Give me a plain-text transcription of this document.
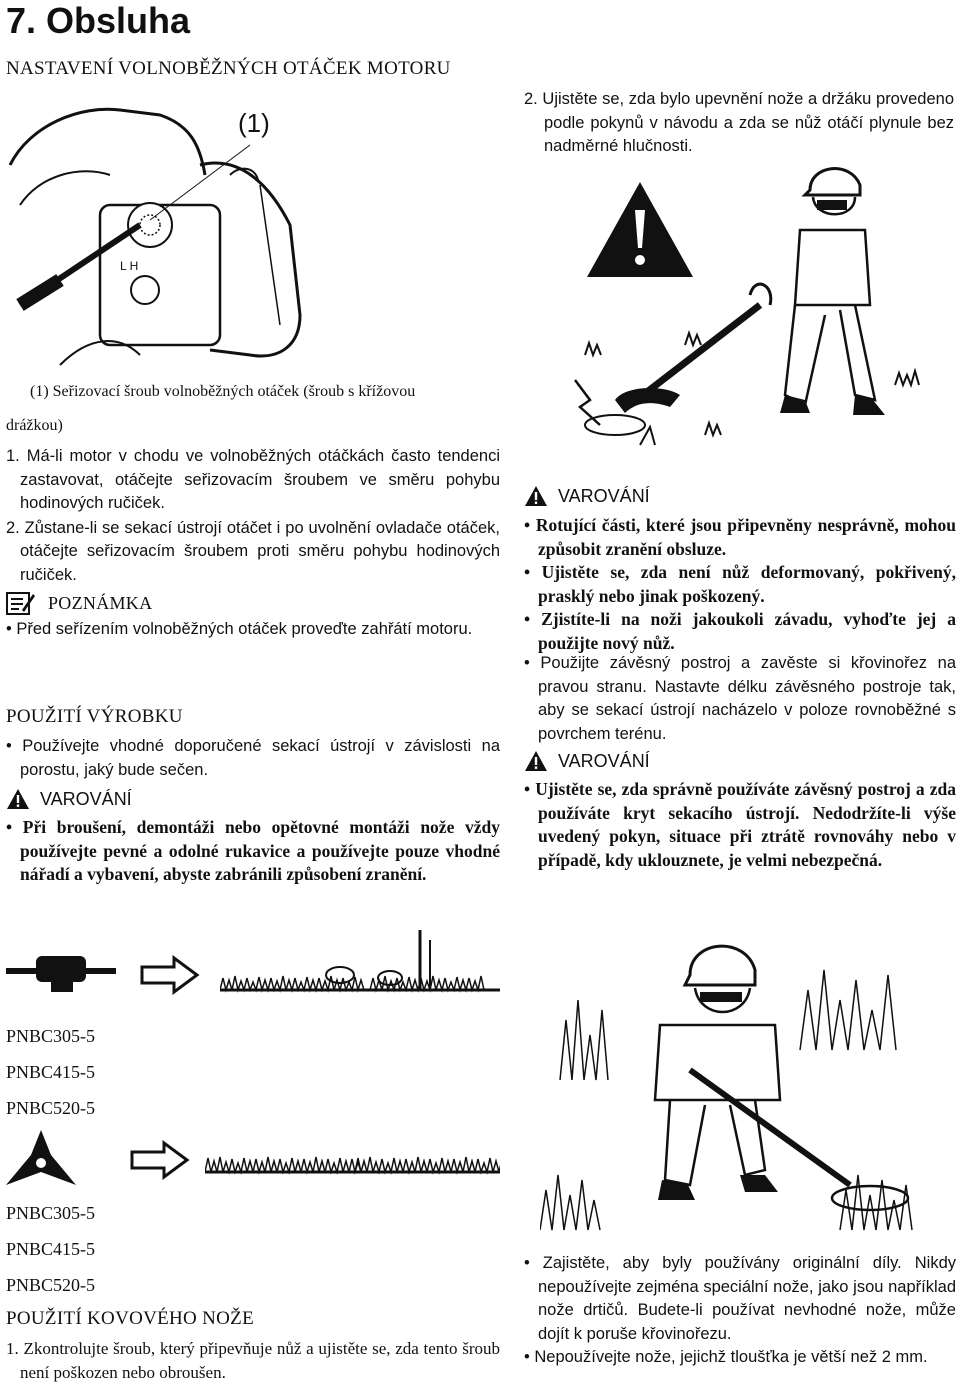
7. Obsluha
NASTAVENÍ VOLNOBĚŽNÝCH OTÁČEK MOTORU
L H
(1)
(1) Seřizovací šroub volnoběžných otáček (šroub s křížovou
drážkou)
1. Má-li motor v chodu ve volnoběžných otáčkách často tendenci zastavovat, otáčejte seřizovacím šroubem ve směru pohybu hodinových ručiček.
2. Zůstane-li se sekací ústrojí otáčet i po uvolnění ovladače otáček, otáčejte seřizovacím šroubem proti směru pohybu hodinových ručiček.
POZNÁMKA
• Před seřízením volnoběžných otáček proveďte zahřátí motoru.
POUŽITÍ VÝROBKU
• Používejte vhodné doporučené sekací ústrojí v závislosti na porostu, jaký bude sečen.
VAROVÁNÍ
• Při broušení, demontáži nebo opětovné montáži nože vždy používejte pevné a odolné rukavice a používejte pouze vhodné nářadí a vybavení, abyste zabránili způsobení zranění.
PNBC305-5
PNBC415-5
PNBC520-5
PNBC305-5
PNBC415-5
PNBC520-5
POUŽITÍ KOVOVÉHO NOŽE
1. Zkontrolujte šroub, který připevňuje nůž a ujistěte se, zda tento šroub není poškozen nebo obroušen.
2. Ujistěte se, zda bylo upevnění nože a držáku provedeno podle pokynů v návodu a zda se nůž otáčí plynule bez nadměrné hlučnosti.
VAROVÁNÍ
• Rotující části, které jsou připevněny nesprávně, mohou způsobit zranění obsluze.
• Ujistěte se, zda není nůž deformovaný, pokřivený, prasklý nebo jinak poškozený.
• Zjistíte-li na noži jakoukoli závadu, vyhoďte jej a použijte nový nůž.
• Použijte závěsný postroj a zavěste si křovinořez na pravou stranu. Nastavte délku závěsného postroje tak, aby se sekací ústrojí nacházelo v poloze rovnoběžné s povrchem terénu.
VAROVÁNÍ
• Ujistěte se, zda správně používáte závěsný postroj a zda používáte kryt sekacího ústrojí. Nedodržíte-li výše uvedený pokyn, situace při ztrátě rovnováhy nebo v případě, kdy uklouznete, je velmi nebezpečná.
• Zajistěte, aby byly používány originální díly. Nikdy nepoužívejte zejména speciální nože, jako jsou například nože drtičů. Budete-li používat nevhodné nože, může dojít k poruše křovinořezu.
• Nepoužívejte nože, jejichž tloušťka je větší než 2 mm.
